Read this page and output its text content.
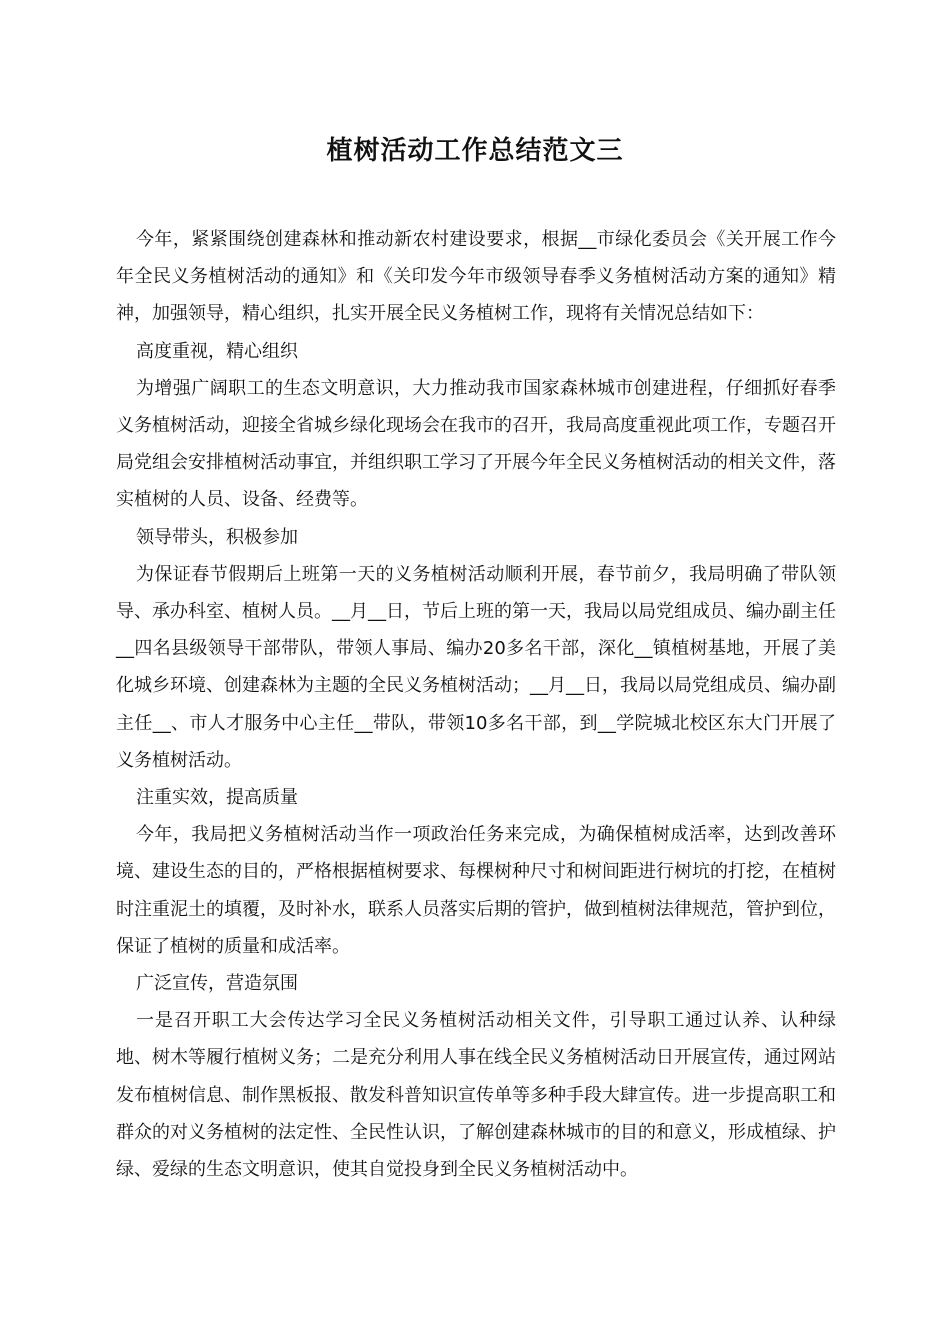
植树活动工作总结范文三

今年，紧紧围绕创建森林和推动新农村建设要求，根据__市绿化委员会《关开展工作今年全民义务植树活动的通知》和《关印发今年市级领导春季义务植树活动方案的通知》精神，加强领导，精心组织，扎实开展全民义务植树工作，现将有关情况总结如下：

高度重视，精心组织

为增强广阔职工的生态文明意识，大力推动我市国家森林城市创建进程，仔细抓好春季义务植树活动，迎接全省城乡绿化现场会在我市的召开，我局高度重视此项工作，专题召开局党组会安排植树活动事宜，并组织职工学习了开展今年全民义务植树活动的相关文件，落实植树的人员、设备、经费等。

领导带头，积极参加

为保证春节假期后上班第一天的义务植树活动顺利开展，春节前夕，我局明确了带队领导、承办科室、植树人员。__月__日，节后上班的第一天，我局以局党组成员、编办副主任__四名县级领导干部带队，带领人事局、编办20多名干部，深化__镇植树基地，开展了美化城乡环境、创建森林为主题的全民义务植树活动；__月__日，我局以局党组成员、编办副主任__、市人才服务中心主任__带队，带领10多名干部，到__学院城北校区东大门开展了义务植树活动。

注重实效，提高质量

今年，我局把义务植树活动当作一项政治任务来完成，为确保植树成活率，达到改善环境、建设生态的目的，严格根据植树要求、每棵树种尺寸和树间距进行树坑的打挖，在植树时注重泥土的填覆，及时补水，联系人员落实后期的管护，做到植树法律规范，管护到位，保证了植树的质量和成活率。

广泛宣传，营造氛围

一是召开职工大会传达学习全民义务植树活动相关文件，引导职工通过认养、认种绿地、树木等履行植树义务；二是充分利用人事在线全民义务植树活动日开展宣传，通过网站发布植树信息、制作黑板报、散发科普知识宣传单等多种手段大肆宣传。进一步提高职工和群众的对义务植树的法定性、全民性认识，了解创建森林城市的目的和意义，形成植绿、护绿、爱绿的生态文明意识，使其自觉投身到全民义务植树活动中。
